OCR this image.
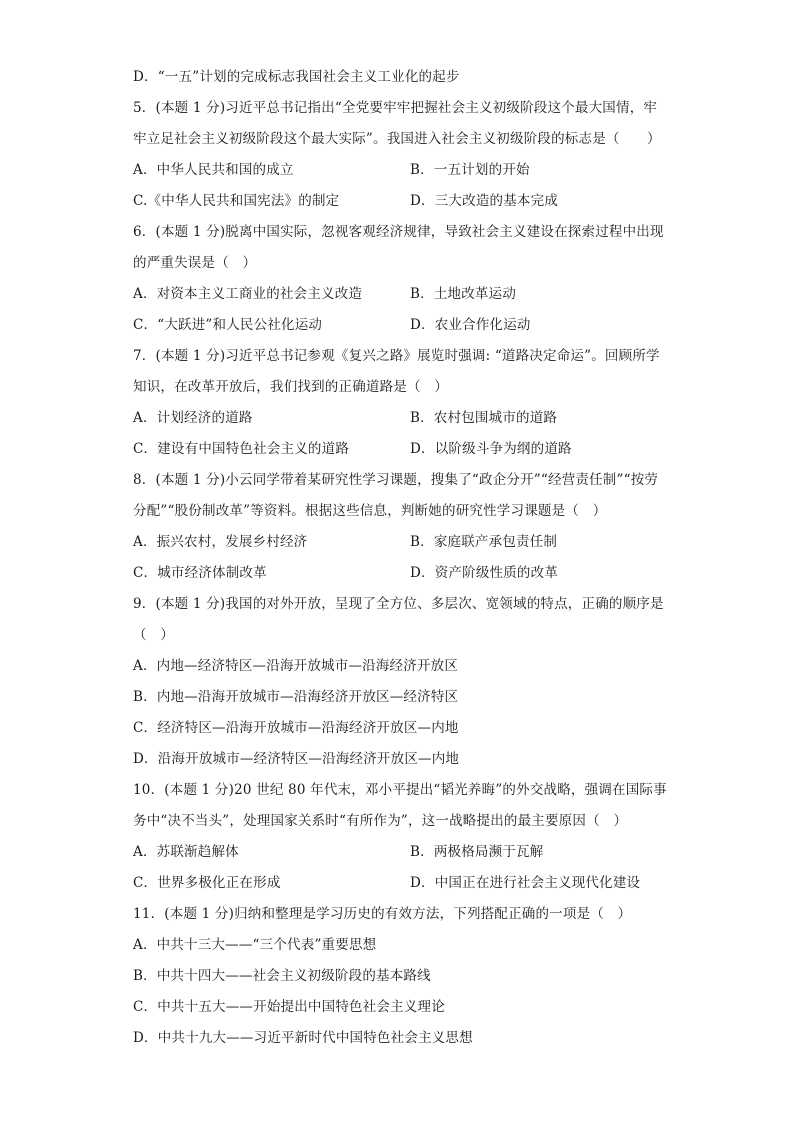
D．“一五”计划的完成标志我国社会主义工业化的起步
5．(本题 1 分)习近平总书记指出“全党要牢牢把握社会主义初级阶段这个最大国情，牢
牢立足社会主义初级阶段这个最大实际”。我国进入社会主义初级阶段的标志是（　　）
A．中华人民共和国的成立	B．一五计划的开始
C.《中华人民共和国宪法》的制定	D．三大改造的基本完成
6．(本题 1 分)脱离中国实际，忽视客观经济规律，导致社会主义建设在探索过程中出现
的严重失误是（　）
A．对资本主义工商业的社会主义改造	B．土地改革运动
C．“大跃进”和人民公社化运动	D．农业合作化运动
7．(本题 1 分)习近平总书记参观《复兴之路》展览时强调: “道路决定命运”。回顾所学
知识，在改革开放后，我们找到的正确道路是（　）
A．计划经济的道路	B．农村包围城市的道路
C．建设有中国特色社会主义的道路	D．以阶级斗争为纲的道路
8．(本题 1 分)小云同学带着某研究性学习课题，搜集了“政企分开”“经营责任制”“按劳
分配”“股份制改革”等资料。根据这些信息，判断她的研究性学习课题是（　）
A．振兴农村，发展乡村经济	B．家庭联产承包责任制
C．城市经济体制改革	D．资产阶级性质的改革
9．(本题 1 分)我国的对外开放，呈现了全方位、多层次、宽领域的特点，正确的顺序是
（　）
A．内地—经济特区—沿海开放城市—沿海经济开放区
B．内地—沿海开放城市—沿海经济开放区—经济特区
C．经济特区—沿海开放城市—沿海经济开放区—内地
D．沿海开放城市—经济特区—沿海经济开放区—内地
10．(本题 1 分)20 世纪 80 年代末，邓小平提出“韬光养晦”的外交战略，强调在国际事
务中“决不当头”，处理国家关系时“有所作为”，这一战略提出的最主要原因（　）
A．苏联渐趋解体	B．两极格局濒于瓦解
C．世界多极化正在形成	D．中国正在进行社会主义现代化建设
11．(本题 1 分)归纳和整理是学习历史的有效方法，下列搭配正确的一项是（　）
A．中共十三大——“三个代表”重要思想
B．中共十四大——社会主义初级阶段的基本路线
C．中共十五大——开始提出中国特色社会主义理论
D．中共十九大——习近平新时代中国特色社会主义思想
